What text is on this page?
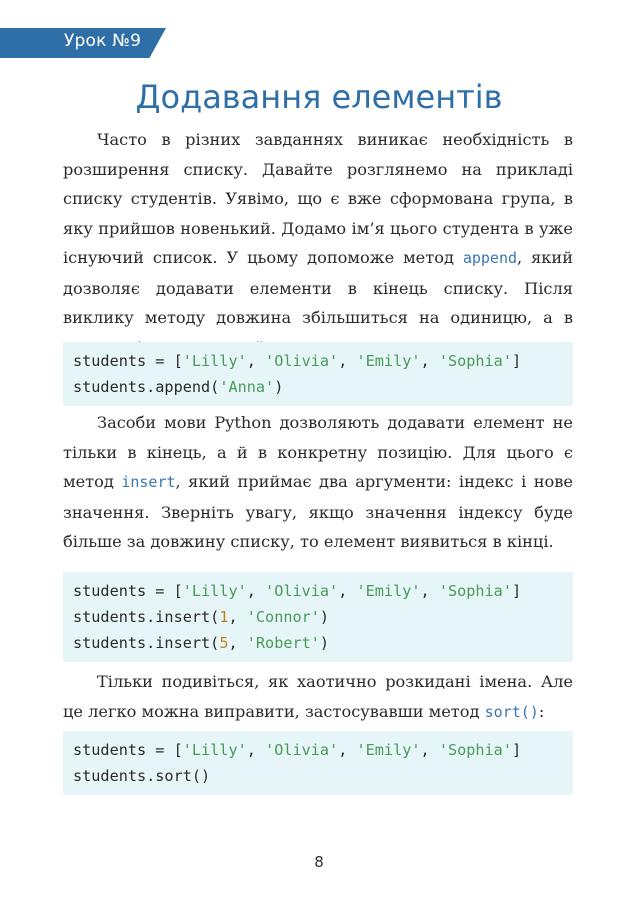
Урок №9
Додавання елементів

Часто в різних завданнях виникає необхідність в розширення списку. Давайте розглянемо на прикладі списку студентів. Уявімо, що є вже сформована група, в яку прийшов новенький. Додамо ім’я цього студента в уже існуючий список. У цьому допоможе метод append, який дозволяє додавати елементи в кінець списку. Після виклику методу довжина збільшиться на одиницю, а в

students = ['Lilly', 'Olivia', 'Emily', 'Sophia']
students.append('Anna')

Засоби мови Python дозволяють додавати елемент не тільки в кінець, а й в конкретну позицію. Для цього є метод insert, який приймає два аргументи: індекс і нове значення. Зверніть увагу, якщо значення індексу буде більше за довжину списку, то елемент виявиться в кінці.

students = ['Lilly', 'Olivia', 'Emily', 'Sophia']
students.insert(1, 'Connor')
students.insert(5, 'Robert')

Тільки подивіться, як хаотично розкидані імена. Але це легко можна виправити, застосувавши метод sort():

students = ['Lilly', 'Olivia', 'Emily', 'Sophia']
students.sort()
8
